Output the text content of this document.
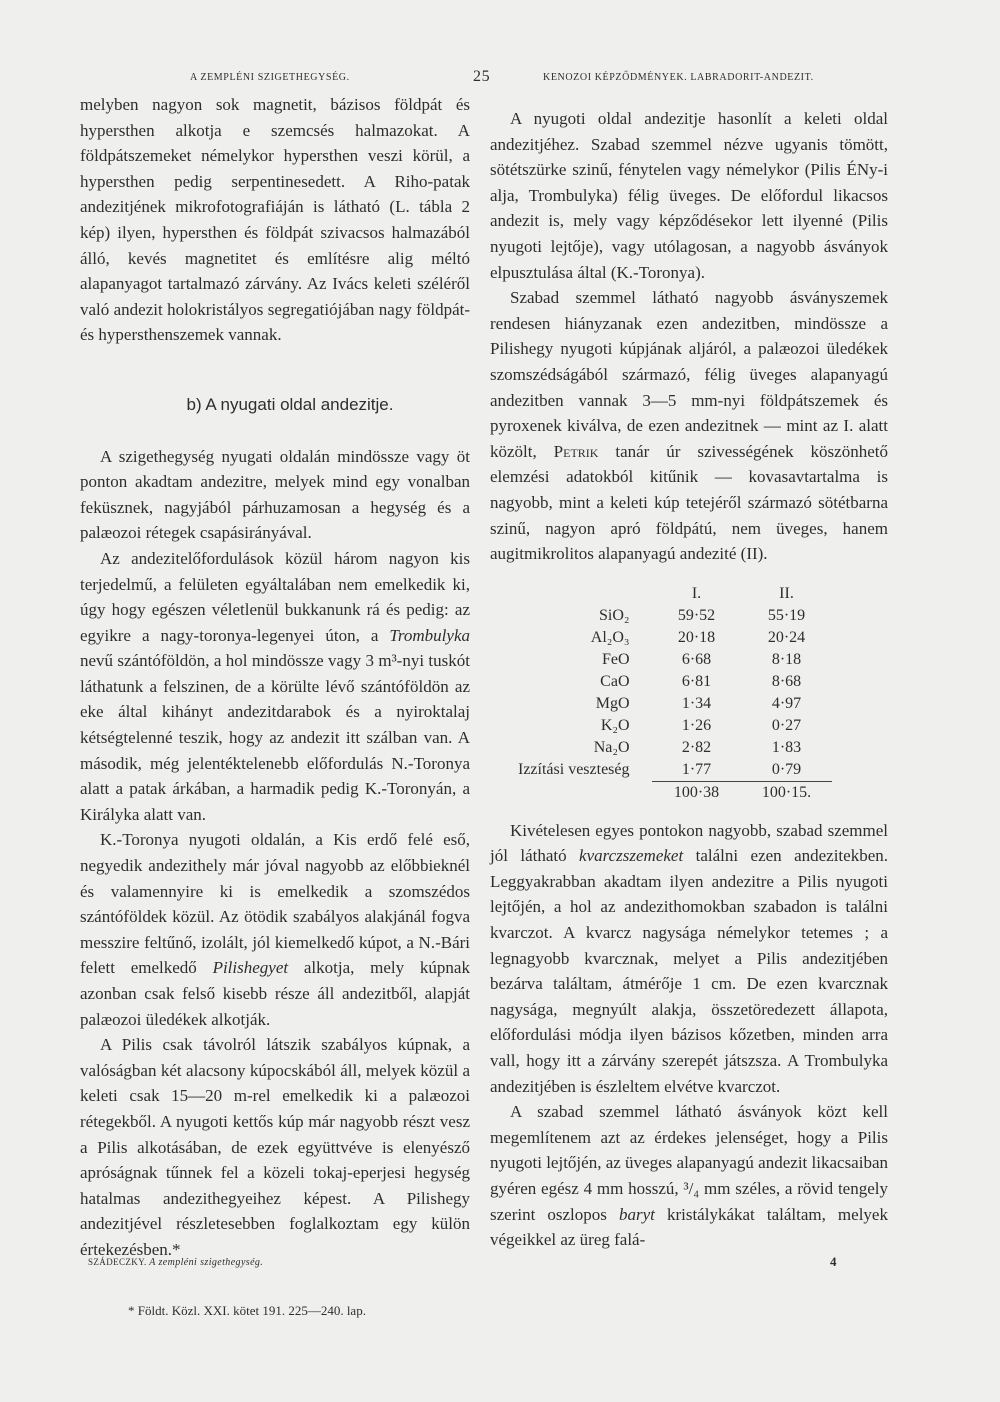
A ZEMPLÉNI SZIGETHEGYSÉG.	25	KENOZOI KÉPZŐDMÉNYEK. LABRADORIT-ANDEZIT.

melyben nagyon sok magnetit, bázisos földpát és hypersthen alkotja e szemcsés halmazokat. A földpátszemeket némelykor hypersthen veszi körül, a hypersthen pedig serpentinesedett. A Riho-patak andezitjének mikrofotografiáján is látható (L. tábla 2 kép) ilyen, hypersthen és földpát szivacsos halmazából álló, kevés magnetitet és említésre alig méltó alapanyagot tartalmazó zárvány. Az Ivács keleti széléről való andezit holokristályos segregatiójában nagy földpát- és hypersthenszemek vannak.

b) A nyugati oldal andezitje.

A szigethegység nyugati oldalán mindössze vagy öt ponton akadtam andezitre, melyek mind egy vonalban feküsznek, nagyjából párhuzamosan a hegység és a palæozoi rétegek csapásirányával.

Az andezitelőfordulások közül három nagyon kis terjedelmű, a felületen egyáltalában nem emelkedik ki, úgy hogy egészen véletlenül bukkanunk rá és pedig: az egyikre a nagy-toronya-legenyei úton, a Trombulyka nevű szántóföldön, a hol mindössze vagy 3 m³-nyi tuskót láthatunk a felszinen, de a körülte lévő szántóföldön az eke által kihányt andezitdarabok és a nyiroktalaj kétségtelenné teszik, hogy az andezit itt szálban van. A második, még jelentéktelenebb előfordulás N.-Toronya alatt a patak árkában, a harmadik pedig K.-Toronyán, a Királyka alatt van.

K.-Toronya nyugoti oldalán, a Kis erdő felé eső, negyedik andezithely már jóval nagyobb az előbbieknél és valamennyire ki is emelkedik a szomszédos szántóföldek közül. Az ötödik szabályos alakjánál fogva messzire feltűnő, izolált, jól kiemelkedő kúpot, a N.-Bári felett emelkedő Pilishegyet alkotja, mely kúpnak azonban csak felső kisebb része áll andezitből, alapját palæozoi üledékek alkotják.

A Pilis csak távolról látszik szabályos kúpnak, a valóságban két alacsony kúpocskából áll, melyek közül a keleti csak 15—20 m-rel emelkedik ki a palæozoi rétegekből. A nyugoti kettős kúp már nagyobb részt vesz a Pilis alkotásában, de ezek együttvéve is elenyésző apróságnak tűnnek fel a közeli tokaj-eperjesi hegység hatalmas andezithegyeihez képest. A Pilishegy andezitjével részletesebben foglalkoztam egy külön értekezésben.*

* Földt. Közl. XXI. kötet 191. 225—240. lap.

SZÁDECZKY. A zempléni szigethegység.	4

A nyugoti oldal andezitje hasonlít a keleti oldal andezitjéhez. Szabad szemmel nézve ugyanis tömött, sötétszürke szinű, fénytelen vagy némelykor (Pilis ÉNy-i alja, Trombulyka) félig üveges. De előfordul likacsos andezit is, mely vagy képződésekor lett ilyenné (Pilis nyugoti lejtője), vagy utólagosan, a nagyobb ásványok elpusztulása által (K.-Toronya).

Szabad szemmel látható nagyobb ásványszemek rendesen hiányzanak ezen andezitben, mindössze a Pilishegy nyugoti kúpjának aljáról, a palæozoi üledékek szomszédságából származó, félig üveges alapanyagú andezitben vannak 3—5 mm-nyi földpátszemek és pyroxenek kiválva, de ezen andezitnek — mint az I. alatt közölt, Petrik tanár úr szivességének köszönhető elemzési adatokból kitűnik — kovasavtartalma is nagyobb, mint a keleti kúp tetejéről származó sötétbarna szinű, nagyon apró földpátú, nem üveges, hanem augitmikrolitos alapanyagú andezité (II).

	I.	II.
SiO₂	59·52	55·19
Al₂O₃	20·18	20·24
FeO	6·68	8·18
CaO	6·81	8·68
MgO	1·34	4·97
K₂O	1·26	0·27
Na₂O	2·82	1·83
Izzítási veszteség	1·77	0·79
	100·38	100·15.

Kivételesen egyes pontokon nagyobb, szabad szemmel jól látható kvarczszemeket találni ezen andezitekben. Leggyakrabban akadtam ilyen andezitre a Pilis nyugoti lejtőjén, a hol az andezithomokban szabadon is találni kvarczot. A kvarcz nagysága némelykor tetemes ; a legnagyobb kvarcznak, melyet a Pilis andezitjében bezárva találtam, átmérője 1 cm. De ezen kvarcznak nagysága, megnyúlt alakja, összetöredezett állapota, előfordulási módja ilyen bázisos kőzetben, minden arra vall, hogy itt a zárvány szerepét játszsza. A Trombulyka andezitjében is észleltem elvétve kvarczot.

A szabad szemmel látható ásványok közt kell megemlítenem azt az érdekes jelenséget, hogy a Pilis nyugoti lejtőjén, az üveges alapanyagú andezit likacsaiban gyéren egész 4 mm hosszú, ³/₄ mm széles, a rövid tengely szerint oszlopos baryt kristálykákat találtam, melyek végeikkel az üreg falá-
